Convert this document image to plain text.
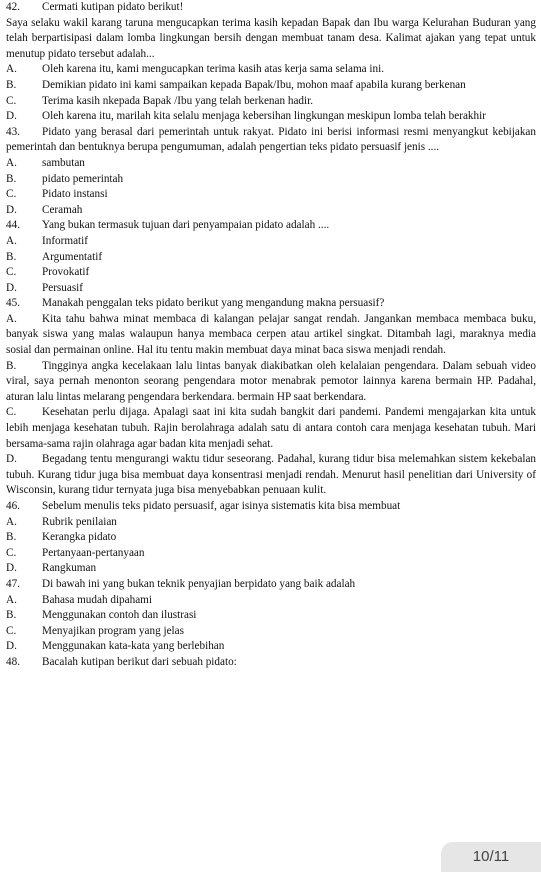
42.	Cermati kutipan pidato berikut!

Saya selaku wakil karang taruna mengucapkan terima kasih kepadan Bapak dan Ibu warga Kelurahan Buduran yang telah berpartisipasi dalam lomba lingkungan bersih dengan membuat tanam desa. Kalimat ajakan yang tepat untuk menutup pidato tersebut adalah...

A.	Oleh karena itu, kami mengucapkan terima kasih atas kerja sama selama ini.
B.	Demikian pidato ini kami sampaikan kepada Bapak/Ibu, mohon maaf apabila kurang berkenan
C.	Terima kasih nkepada Bapak /Ibu yang telah berkenan hadir.

D. Oleh karena itu, marilah kita selalu menjaga kebersihan lingkungan meskipun lomba telah berakhir

43. Pidato yang berasal dari pemerintah untuk rakyat. Pidato ini berisi informasi resmi menyangkut kebijakan pemerintah dan bentuknya berupa pengumuman, adalah pengertian teks pidato persuasif jenis ....

A.	sambutan
B.	pidato pemerintah
C.	Pidato instansi
D.	Ceramah
44.	Yang bukan termasuk tujuan dari penyampaian pidato adalah ....
A.	Informatif
B.	Argumentatif
C.	Provokatif
D.	Persuasif
45.	Manakah penggalan teks pidato berikut yang mengandung makna persuasif?

A. Kita tahu bahwa minat membaca di kalangan pelajar sangat rendah. Jangankan membaca membaca buku, banyak siswa yang malas walaupun hanya membaca cerpen atau artikel singkat. Ditambah lagi, maraknya media sosial dan permainan online. Hal itu tentu makin membuat daya minat baca siswa menjadi rendah.

B. Tingginya angka kecelakaan lalu lintas banyak diakibatkan oleh kelalaian pengendara. Dalam sebuah video viral, saya pernah menonton seorang pengendara motor menabrak pemotor lainnya karena bermain HP. Padahal, aturan lalu lintas melarang pengendara berkendara. bermain HP saat berkendara.

C. Kesehatan perlu dijaga. Apalagi saat ini kita sudah bangkit dari pandemi. Pandemi mengajarkan kita untuk lebih menjaga kesehatan tubuh. Rajin berolahraga adalah satu di antara contoh cara menjaga kesehatan tubuh. Mari bersama-sama rajin olahraga agar badan kita menjadi sehat.

D. Begadang tentu mengurangi waktu tidur seseorang. Padahal, kurang tidur bisa melemahkan sistem kekebalan tubuh. Kurang tidur juga bisa membuat daya konsentrasi menjadi rendah. Menurut hasil penelitian dari University of Wisconsin, kurang tidur ternyata juga bisa menyebabkan penuaan kulit.

46.	Sebelum menulis teks pidato persuasif, agar isinya sistematis kita bisa membuat
A.	Rubrik penilaian
B.	Kerangka pidato
C.	Pertanyaan-pertanyaan
D.	Rangkuman
47.	Di bawah ini yang bukan teknik penyajian berpidato yang baik adalah
A.	Bahasa mudah dipahami
B.	Menggunakan contoh dan ilustrasi
C.	Menyajikan program yang jelas
D.	Menggunakan kata-kata yang berlebihan
48.	Bacalah kutipan berikut dari sebuah pidato:
10/11
